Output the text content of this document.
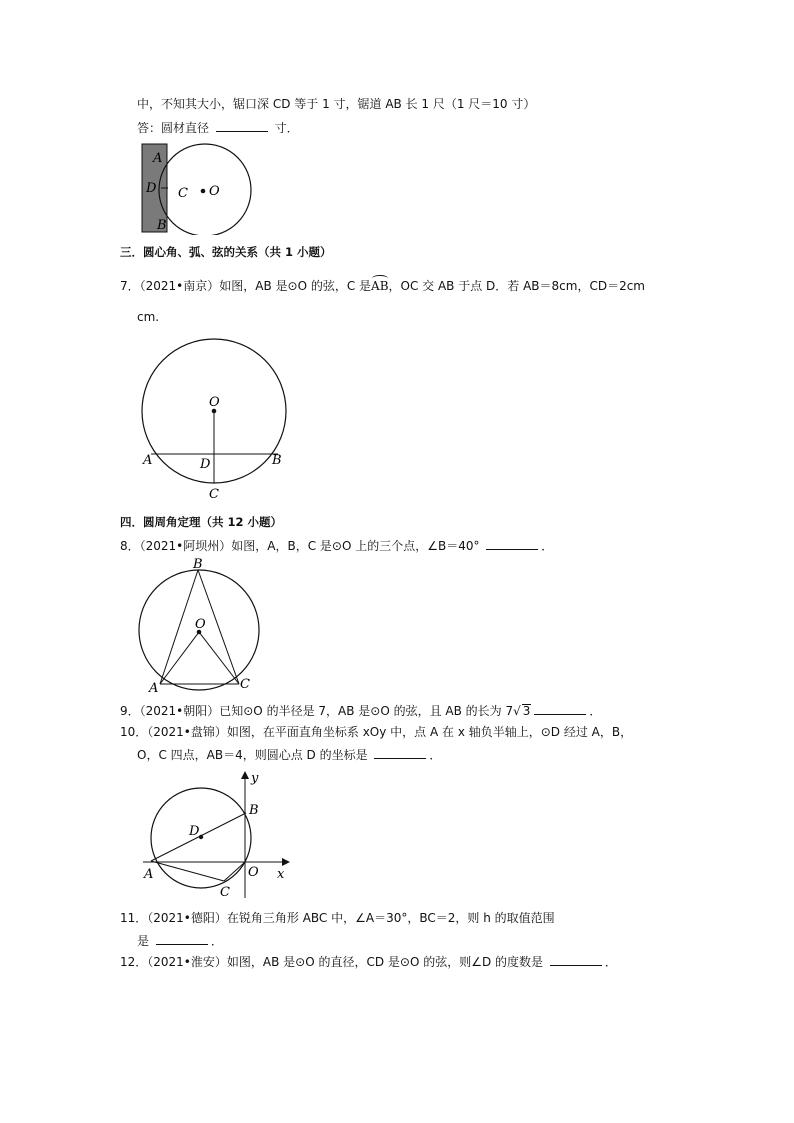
中，不知其大小，锯口深 CD 等于 1 寸，锯道 AB 长 1 尺（1 尺＝10 寸）
答：圆材直径	寸．
A
D
B
C O
三．圆心角、弧、弦的关系（共 1 小题）
7．（2021•南京）如图，AB 是⊙O 的弦，C 是AB，OC 交 AB 于点 D．若 AB＝8cm，CD＝2cm
cm.
O
A	D	B
C
四．圆周角定理（共 12 小题）
8．（2021•阿坝州）如图，A，B，C 是⊙O 上的三个点，∠B＝40°	．
B
O
A	C
9．（2021•朝阳）已知⊙O 的半径是 7，AB 是⊙O 的弦，且 AB 的长为 7√ 3	．
10．（2021•盘锦）如图，在平面直角坐标系 xOy 中，点 A 在 x 轴负半轴上，⊙D 经过 A，B，
O，C 四点，AB＝4，则圆心点 D 的坐标是	．
y
B
D
A	O x
C
11．（2021•德阳）在锐角三角形 ABC 中，∠A＝30°，BC＝2，则 h 的取值范围
是	．
12．（2021•淮安）如图，AB 是⊙O 的直径，CD 是⊙O 的弦，则∠D 的度数是	．
